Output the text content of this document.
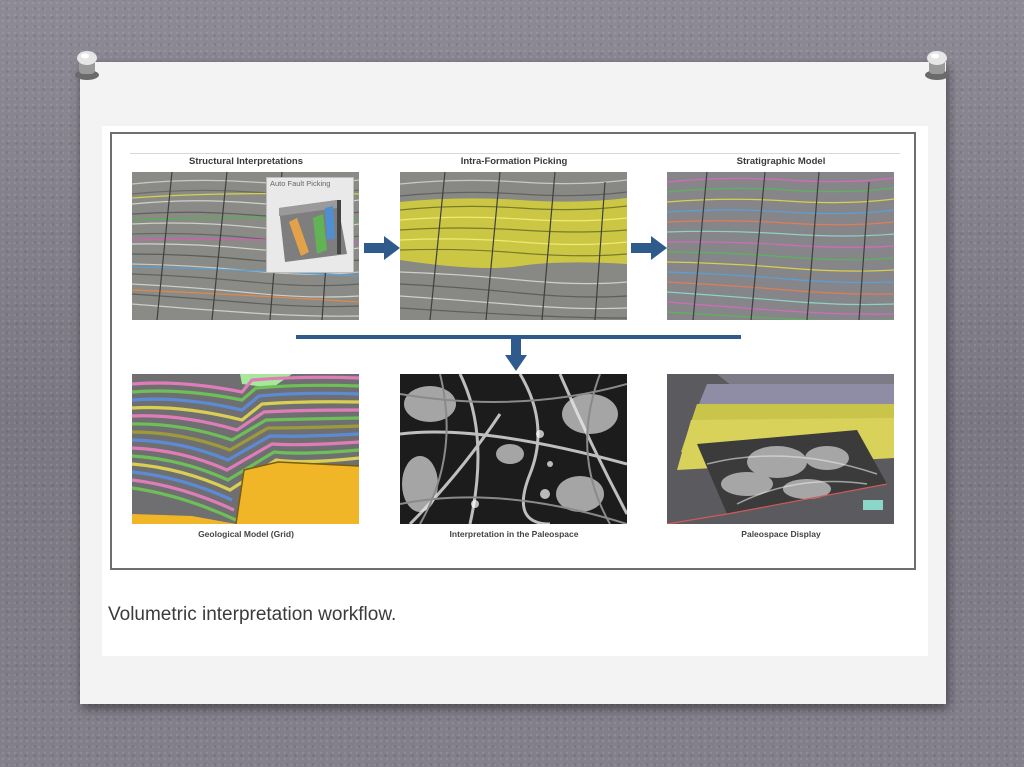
Structural Interpretations	Intra-Formation Picking	Stratigraphic Model
Auto Fault Picking
Geological Model (Grid)	Interpretation in the Paleospace	Paleospace Display
Volumetric interpretation workflow.
